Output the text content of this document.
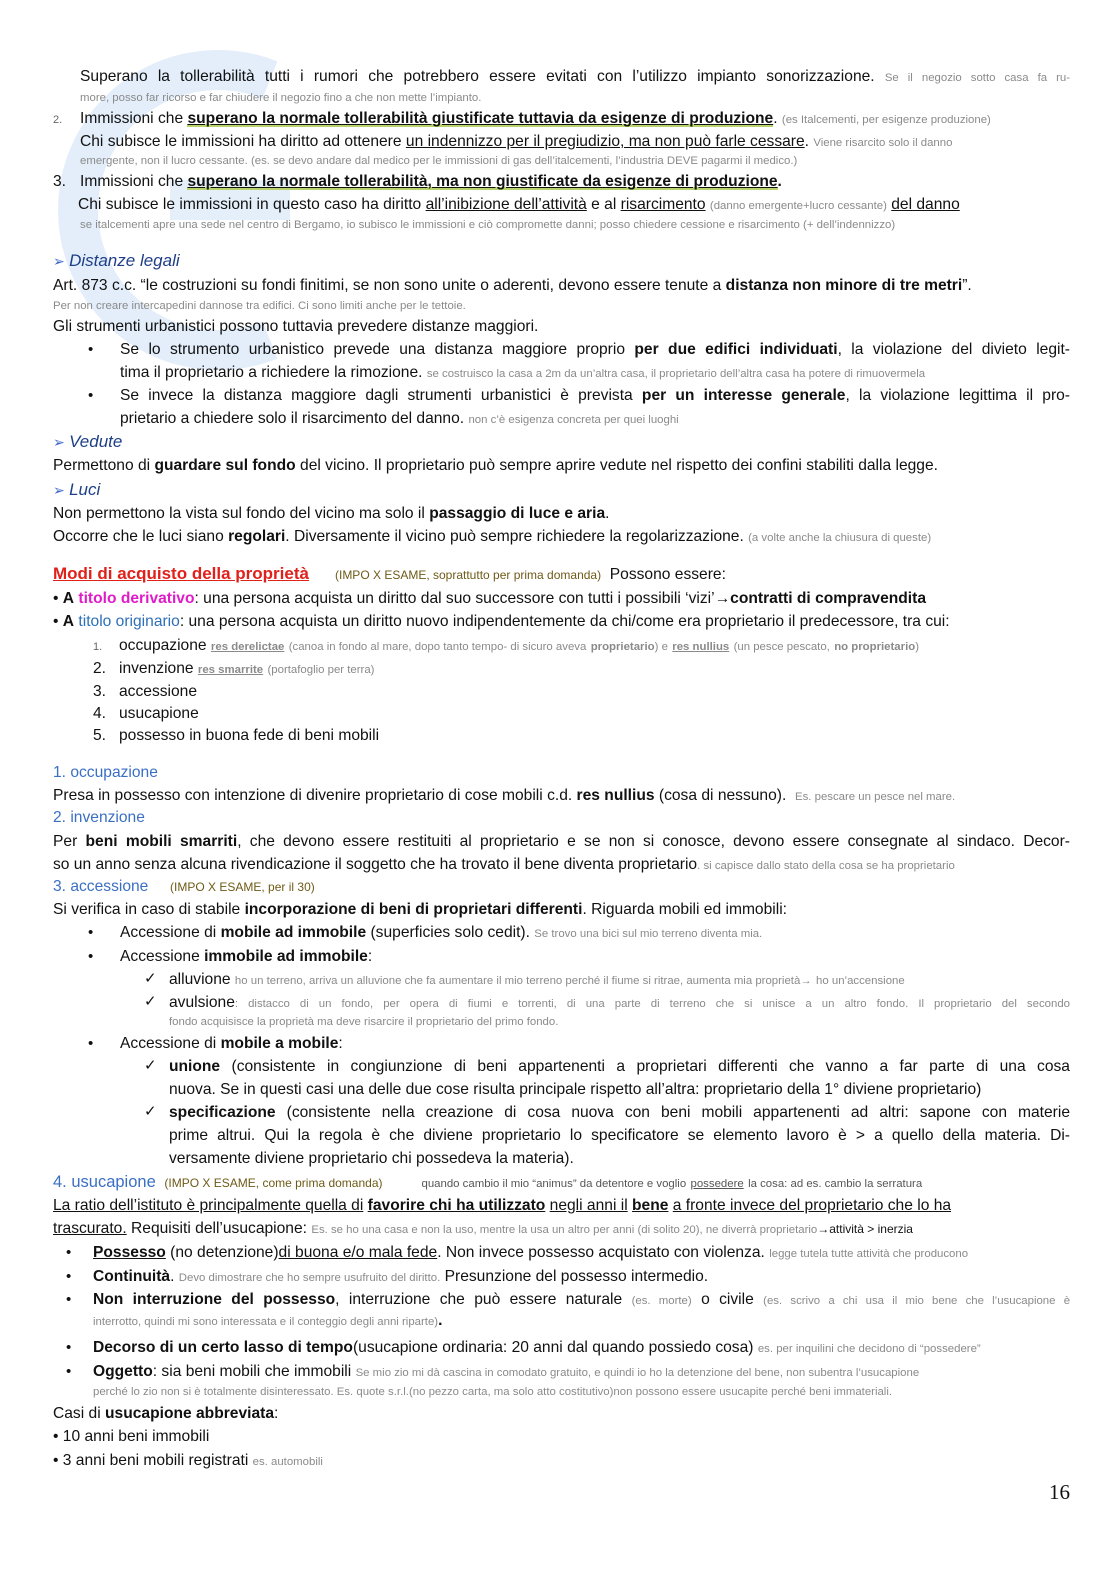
Superano la tollerabilità tutti i rumori che potrebbero essere evitati con l’utilizzo impianto sonorizzazione. Se il negozio sotto casa fa ru-
more, posso far ricorso e far chiudere il negozio fino a che non mette l’impianto.
2. Immissioni che superano la normale tollerabilità giustificate tuttavia da esigenze di produzione. (es Italcementi, per esigenze produzione)
Chi subisce le immissioni ha diritto ad ottenere un indennizzo per il pregiudizio, ma non può farle cessare. Viene risarcito solo il danno
emergente, non il lucro cessante. (es. se devo andare dal medico per le immissioni di gas dell’italcementi, l’industria DEVE pagarmi il medico.)
3. Immissioni che superano la normale tollerabilità, ma non giustificate da esigenze di produzione.
Chi subisce le immissioni in questo caso ha diritto all’inibizione dell’attività e al risarcimento (danno emergente+lucro cessante) del danno
se italcementi apre una sede nel centro di Bergamo, io subisco le immissioni e ciò compromette danni; posso chiedere cessione e risarcimento (+ dell’indennizzo)
➢ Distanze legali
Art. 873 c.c. “le costruzioni su fondi finitimi, se non sono unite o aderenti, devono essere tenute a distanza non minore di tre metri”.
Per non creare intercapedini dannose tra edifici. Ci sono limiti anche per le tettoie.
Gli strumenti urbanistici possono tuttavia prevedere distanze maggiori.
• Se lo strumento urbanistico prevede una distanza maggiore proprio per due edifici individuati, la violazione del divieto legit-
tima il proprietario a richiedere la rimozione. se costruisco la casa a 2m da un’altra casa, il proprietario dell’altra casa ha potere di rimuovermela
• Se invece la distanza maggiore dagli strumenti urbanistici è prevista per un interesse generale, la violazione legittima il pro-
prietario a chiedere solo il risarcimento del danno. non c’è esigenza concreta per quei luoghi
➢ Vedute
Permettono di guardare sul fondo del vicino. Il proprietario può sempre aprire vedute nel rispetto dei confini stabiliti dalla legge.
➢ Luci
Non permettono la vista sul fondo del vicino ma solo il passaggio di luce e aria.
Occorre che le luci siano regolari. Diversamente il vicino può sempre richiedere la regolarizzazione. (a volte anche la chiusura di queste)
Modi di acquisto della proprietà (IMPO X ESAME, soprattutto per prima domanda) Possono essere:
• A titolo derivativo: una persona acquista un diritto dal suo successore con tutti i possibili ‘vizi’→contratti di compravendita
• A titolo originario: una persona acquista un diritto nuovo indipendentemente da chi/come era proprietario il predecessore, tra cui:
1. occupazione res derelictae (canoa in fondo al mare, dopo tanto tempo- di sicuro aveva proprietario) e res nullius (un pesce pescato, no proprietario)
2. invenzione res smarrite (portafoglio per terra)
3. accessione
4. usucapione
5. possesso in buona fede di beni mobili
1. occupazione
Presa in possesso con intenzione di divenire proprietario di cose mobili c.d. res nullius (cosa di nessuno). Es. pescare un pesce nel mare.
2. invenzione
Per beni mobili smarriti, che devono essere restituiti al proprietario e se non si conosce, devono essere consegnate al sindaco. Decor-
so un anno senza alcuna rivendicazione il soggetto che ha trovato il bene diventa proprietario. si capisce dallo stato della cosa se ha proprietario
3. accessione (IMPO X ESAME, per il 30)
Si verifica in caso di stabile incorporazione di beni di proprietari differenti. Riguarda mobili ed immobili:
• Accessione di mobile ad immobile (superficies solo cedit). Se trovo una bici sul mio terreno diventa mia.
• Accessione immobile ad immobile:
✓ alluvione ho un terreno, arriva un alluvione che fa aumentare il mio terreno perché il fiume si ritrae, aumenta mia proprietà→ ho un’accensione
✓ avulsione: distacco di un fondo, per opera di fiumi e torrenti, di una parte di terreno che si unisce a un altro fondo. Il proprietario del secondo
fondo acquisisce la proprietà ma deve risarcire il proprietario del primo fondo.
• Accessione di mobile a mobile:
✓ unione (consistente in congiunzione di beni appartenenti a proprietari differenti che vanno a far parte di una cosa
nuova. Se in questi casi una delle due cose risulta principale rispetto all’altra: proprietario della 1° diviene proprietario)
✓ specificazione (consistente nella creazione di cosa nuova con beni mobili appartenenti ad altri: sapone con materie
prime altrui. Qui la regola è che diviene proprietario lo specificatore se elemento lavoro è > a quello della materia. Di-
versamente diviene proprietario chi possedeva la materia).
4. usucapione (IMPO X ESAME, come prima domanda)	quando cambio il mio “animus” da detentore e voglio possedere la cosa: ad es. cambio la serratura
La ratio dell’istituto è principalmente quella di favorire chi ha utilizzato negli anni il bene a fronte invece del proprietario che lo ha
trascurato. Requisiti dell’usucapione: Es. se ho una casa e non la uso, mentre la usa un altro per anni (di solito 20), ne diverrà proprietario→attività > inerzia
• Possesso (no detenzione)di buona e/o mala fede. Non invece possesso acquistato con violenza. legge tutela tutte attività che producono
• Continuità. Devo dimostrare che ho sempre usufruito del diritto. Presunzione del possesso intermedio.
• Non interruzione del possesso, interruzione che può essere naturale (es. morte) o civile (es. scrivo a chi usa il mio bene che l’usucapione è
interrotto, quindi mi sono interessata e il conteggio degli anni riparte).
• Decorso di un certo lasso di tempo(usucapione ordinaria: 20 anni dal quando possiedo cosa) es. per inquilini che decidono di “possedere”
• Oggetto: sia beni mobili che immobili Se mio zio mi dà cascina in comodato gratuito, e quindi io ho la detenzione del bene, non subentra l’usucapione
perché lo zio non si è totalmente disinteressato. Es. quote s.r.l.(no pezzo carta, ma solo atto costitutivo)non possono essere usucapite perché beni immateriali.
Casi di usucapione abbreviata:
• 10 anni beni immobili
• 3 anni beni mobili registrati es. automobili
16
